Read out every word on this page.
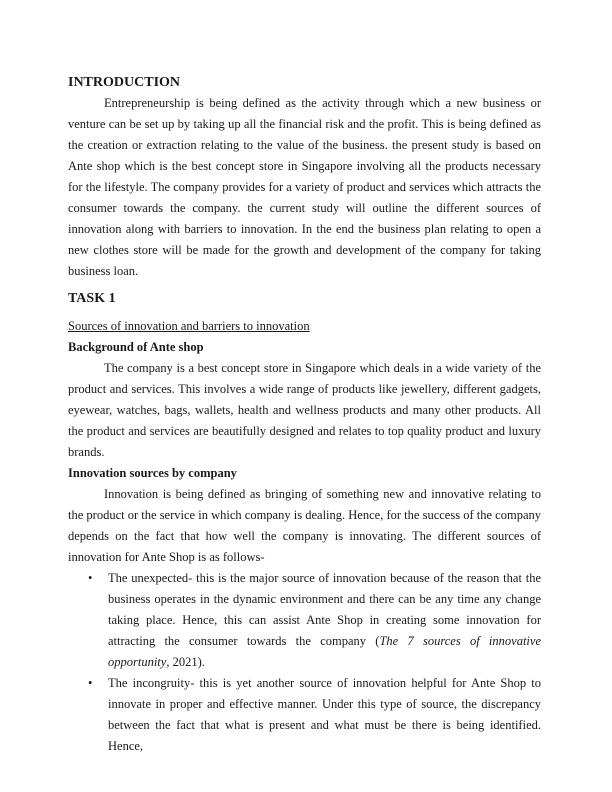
INTRODUCTION

Entrepreneurship is being defined as the activity through which a new business or venture can be set up by taking up all the financial risk and the profit. This is being defined as the creation or extraction relating to the value of the business. the present study is based on Ante shop which is the best concept store in Singapore involving all the products necessary for the lifestyle. The company provides for a variety of product and services which attracts the consumer towards the company. the current study will outline the different sources of innovation along with barriers to innovation. In the end the business plan relating to open a new clothes store will be made for the growth and development of the company for taking business loan.

TASK 1

Sources of innovation and barriers to innovation

Background of Ante shop

The company is a best concept store in Singapore which deals in a wide variety of the product and services. This involves a wide range of products like jewellery, different gadgets, eyewear, watches, bags, wallets, health and wellness products and many other products. All the product and services are beautifully designed and relates to top quality product and luxury brands.

Innovation sources by company

Innovation is being defined as bringing of something new and innovative relating to the product or the service in which company is dealing. Hence, for the success of the company depends on the fact that how well the company is innovating. The different sources of innovation for Ante Shop is as follows-

•	The unexpected- this is the major source of innovation because of the reason that the business operates in the dynamic environment and there can be any time any change taking place. Hence, this can assist Ante Shop in creating some innovation for attracting the consumer towards the company (The 7 sources of innovative opportunity, 2021).
•	The incongruity- this is yet another source of innovation helpful for Ante Shop to innovate in proper and effective manner. Under this type of source, the discrepancy between the fact that what is present and what must be there is being identified. Hence,
